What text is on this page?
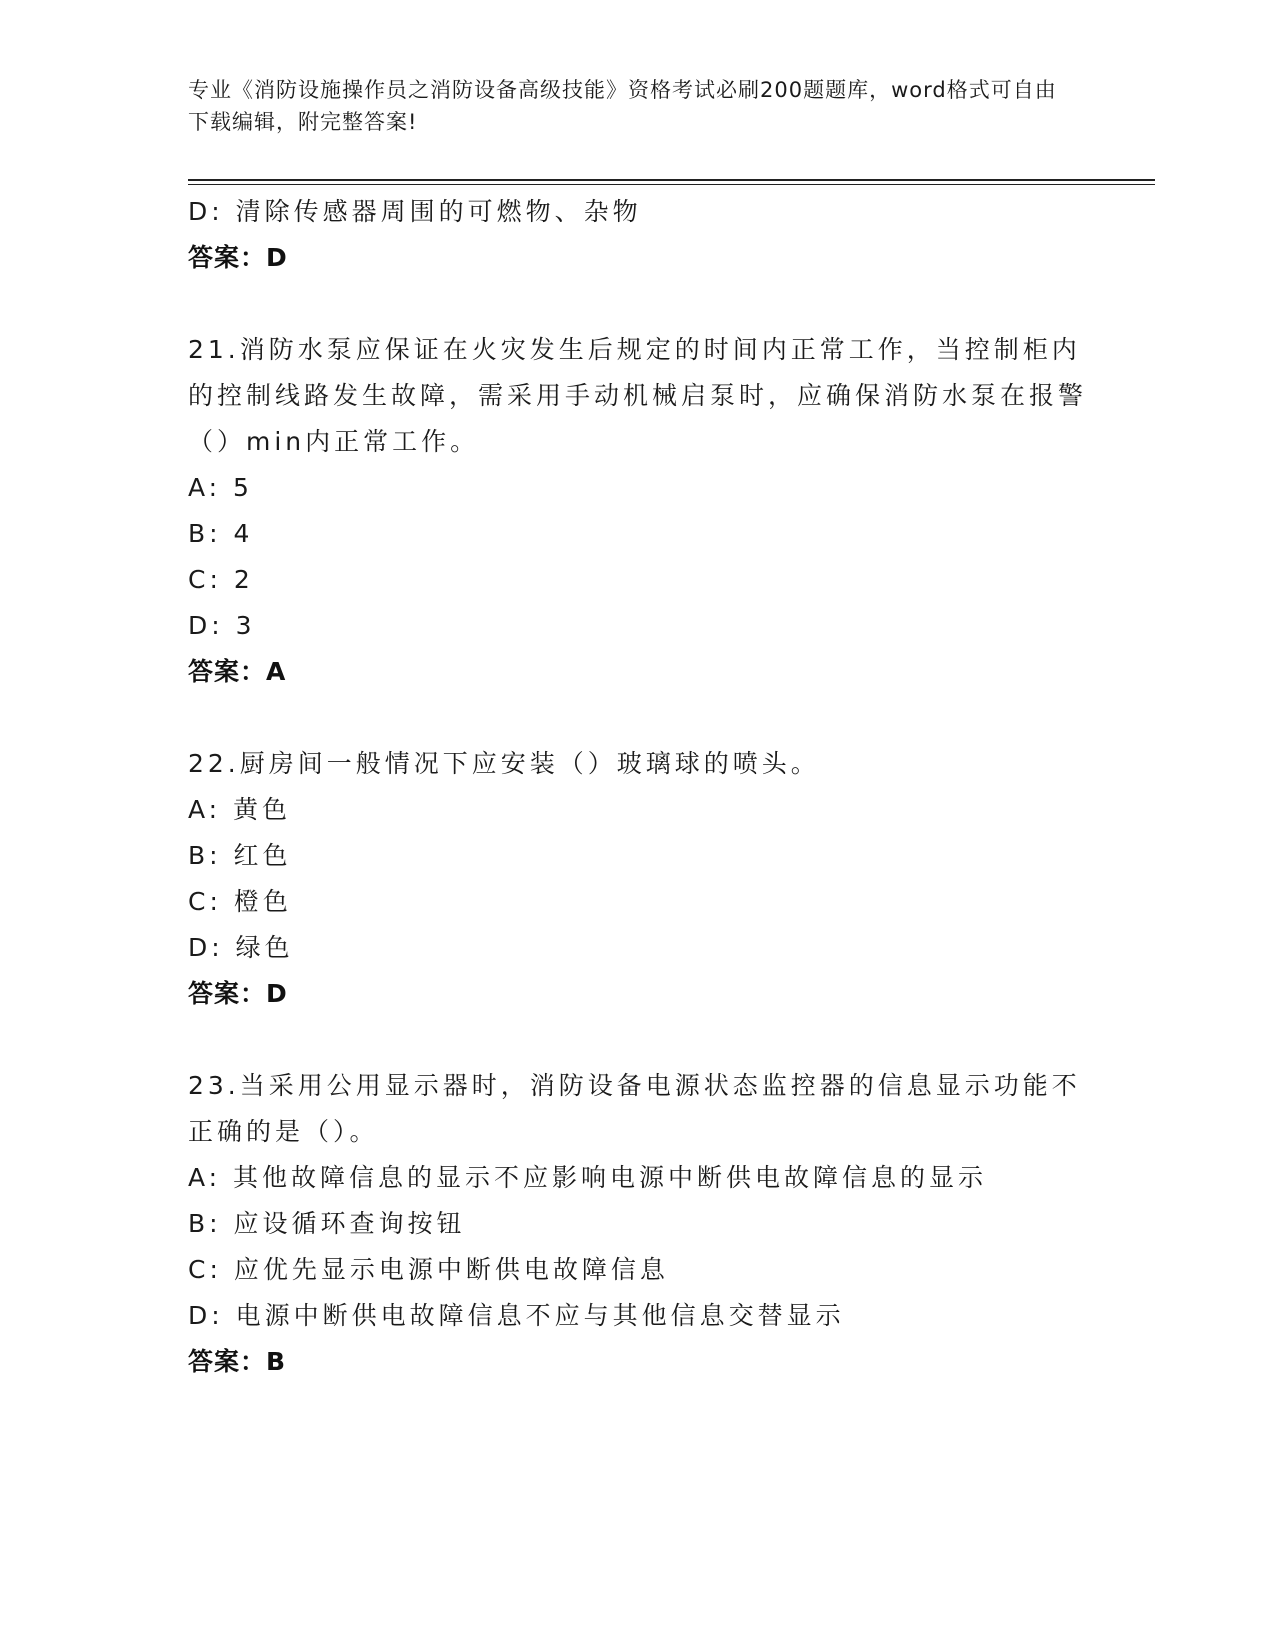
专业《消防设施操作员之消防设备高级技能》资格考试必刷200题题库，word格式可自由下载编辑，附完整答案!
D: 清除传感器周围的可燃物、杂物
答案：D
21.消防水泵应保证在火灾发生后规定的时间内正常工作，当控制柜内的控制线路发生故障，需采用手动机械启泵时，应确保消防水泵在报警（）min内正常工作。
A: 5
B: 4
C: 2
D: 3
答案：A
22.厨房间一般情况下应安装（）玻璃球的喷头。
A: 黄色
B: 红色
C: 橙色
D: 绿色
答案：D
23.当采用公用显示器时，消防设备电源状态监控器的信息显示功能不正确的是（）。
A: 其他故障信息的显示不应影响电源中断供电故障信息的显示
B: 应设循环查询按钮
C: 应优先显示电源中断供电故障信息
D: 电源中断供电故障信息不应与其他信息交替显示
答案：B
